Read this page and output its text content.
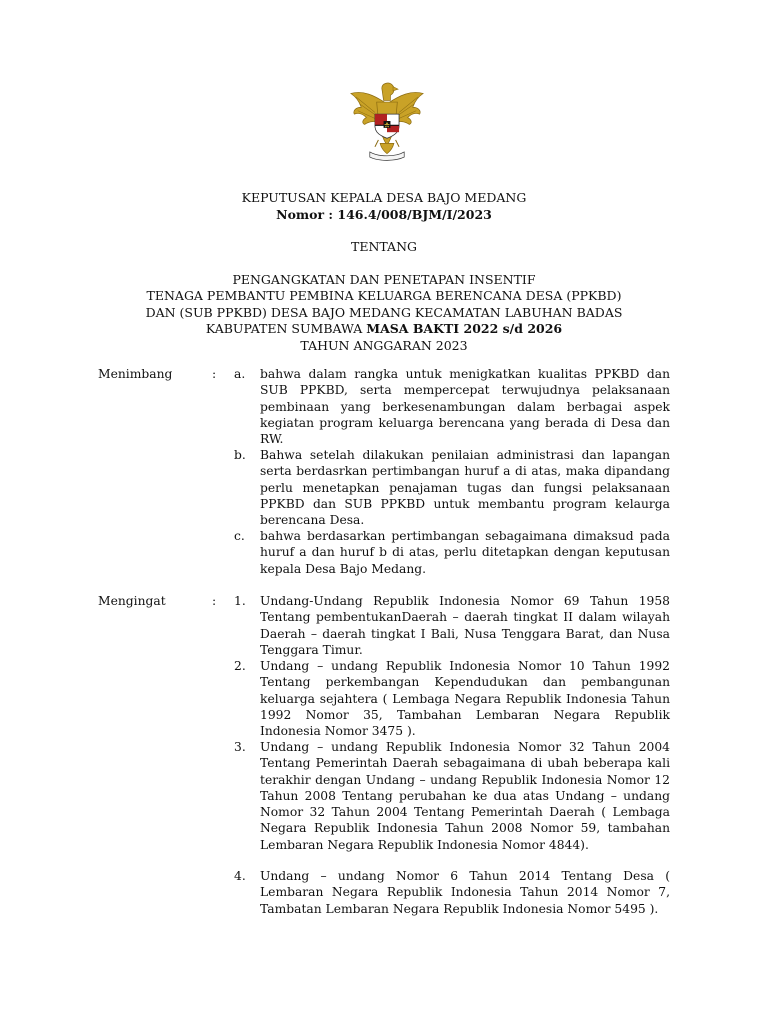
KEPUTUSAN KEPALA DESA BAJO MEDANG
Nomor : 146.4/008/BJM/I/2023
TENTANG
PENGANGKATAN DAN PENETAPAN INSENTIF
TENAGA PEMBANTU PEMBINA KELUARGA BERENCANA DESA (PPKBD)
DAN (SUB PPKBD) DESA BAJO MEDANG KECAMATAN LABUHAN BADAS
KABUPATEN SUMBAWA MASA BAKTI 2022 s/d 2026
TAHUN ANGGARAN 2023
Menimbang	: a. bahwa dalam rangka untuk menigkatkan kualitas PPKBD dan SUB PPKBD, serta mempercepat terwujudnya pelaksanaan pembinaan yang berkesenambungan dalam berbagai aspek kegiatan program keluarga berencana yang berada di Desa dan RW.
b. Bahwa setelah dilakukan penilaian administrasi dan lapangan serta berdasrkan pertimbangan huruf a di atas, maka dipandang perlu menetapkan penajaman tugas dan fungsi pelaksanaan PPKBD dan SUB PPKBD untuk membantu program kelaurga berencana Desa.
c. bahwa berdasarkan pertimbangan sebagaimana dimaksud pada huruf a dan huruf b di atas, perlu ditetapkan dengan keputusan kepala Desa Bajo Medang.
Mengingat	: 1. Undang-Undang Republik Indonesia Nomor 69 Tahun 1958 Tentang pembentukanDaerah – daerah tingkat II dalam wilayah Daerah – daerah tingkat I Bali, Nusa Tenggara Barat, dan Nusa Tenggara Timur.
2. Undang – undang Republik Indonesia Nomor 10 Tahun 1992 Tentang perkembangan Kependudukan dan pembangunan keluarga sejahtera ( Lembaga Negara Republik Indonesia Tahun 1992 Nomor 35, Tambahan Lembaran Negara Republik Indonesia Nomor 3475 ).
3. Undang – undang Republik Indonesia Nomor 32 Tahun 2004 Tentang Pemerintah Daerah sebagaimana di ubah beberapa kali terakhir dengan Undang – undang Republik Indonesia Nomor 12 Tahun 2008 Tentang perubahan ke dua atas Undang – undang Nomor 32 Tahun 2004 Tentang Pemerintah Daerah ( Lembaga Negara Republik Indonesia Tahun 2008 Nomor 59, tambahan Lembaran Negara Republik Indonesia Nomor 4844).
4. Undang – undang Nomor 6 Tahun 2014 Tentang Desa ( Lembaran Negara Republik Indonesia Tahun 2014 Nomor 7, Tambatan Lembaran Negara Republik Indonesia Nomor 5495 ).
